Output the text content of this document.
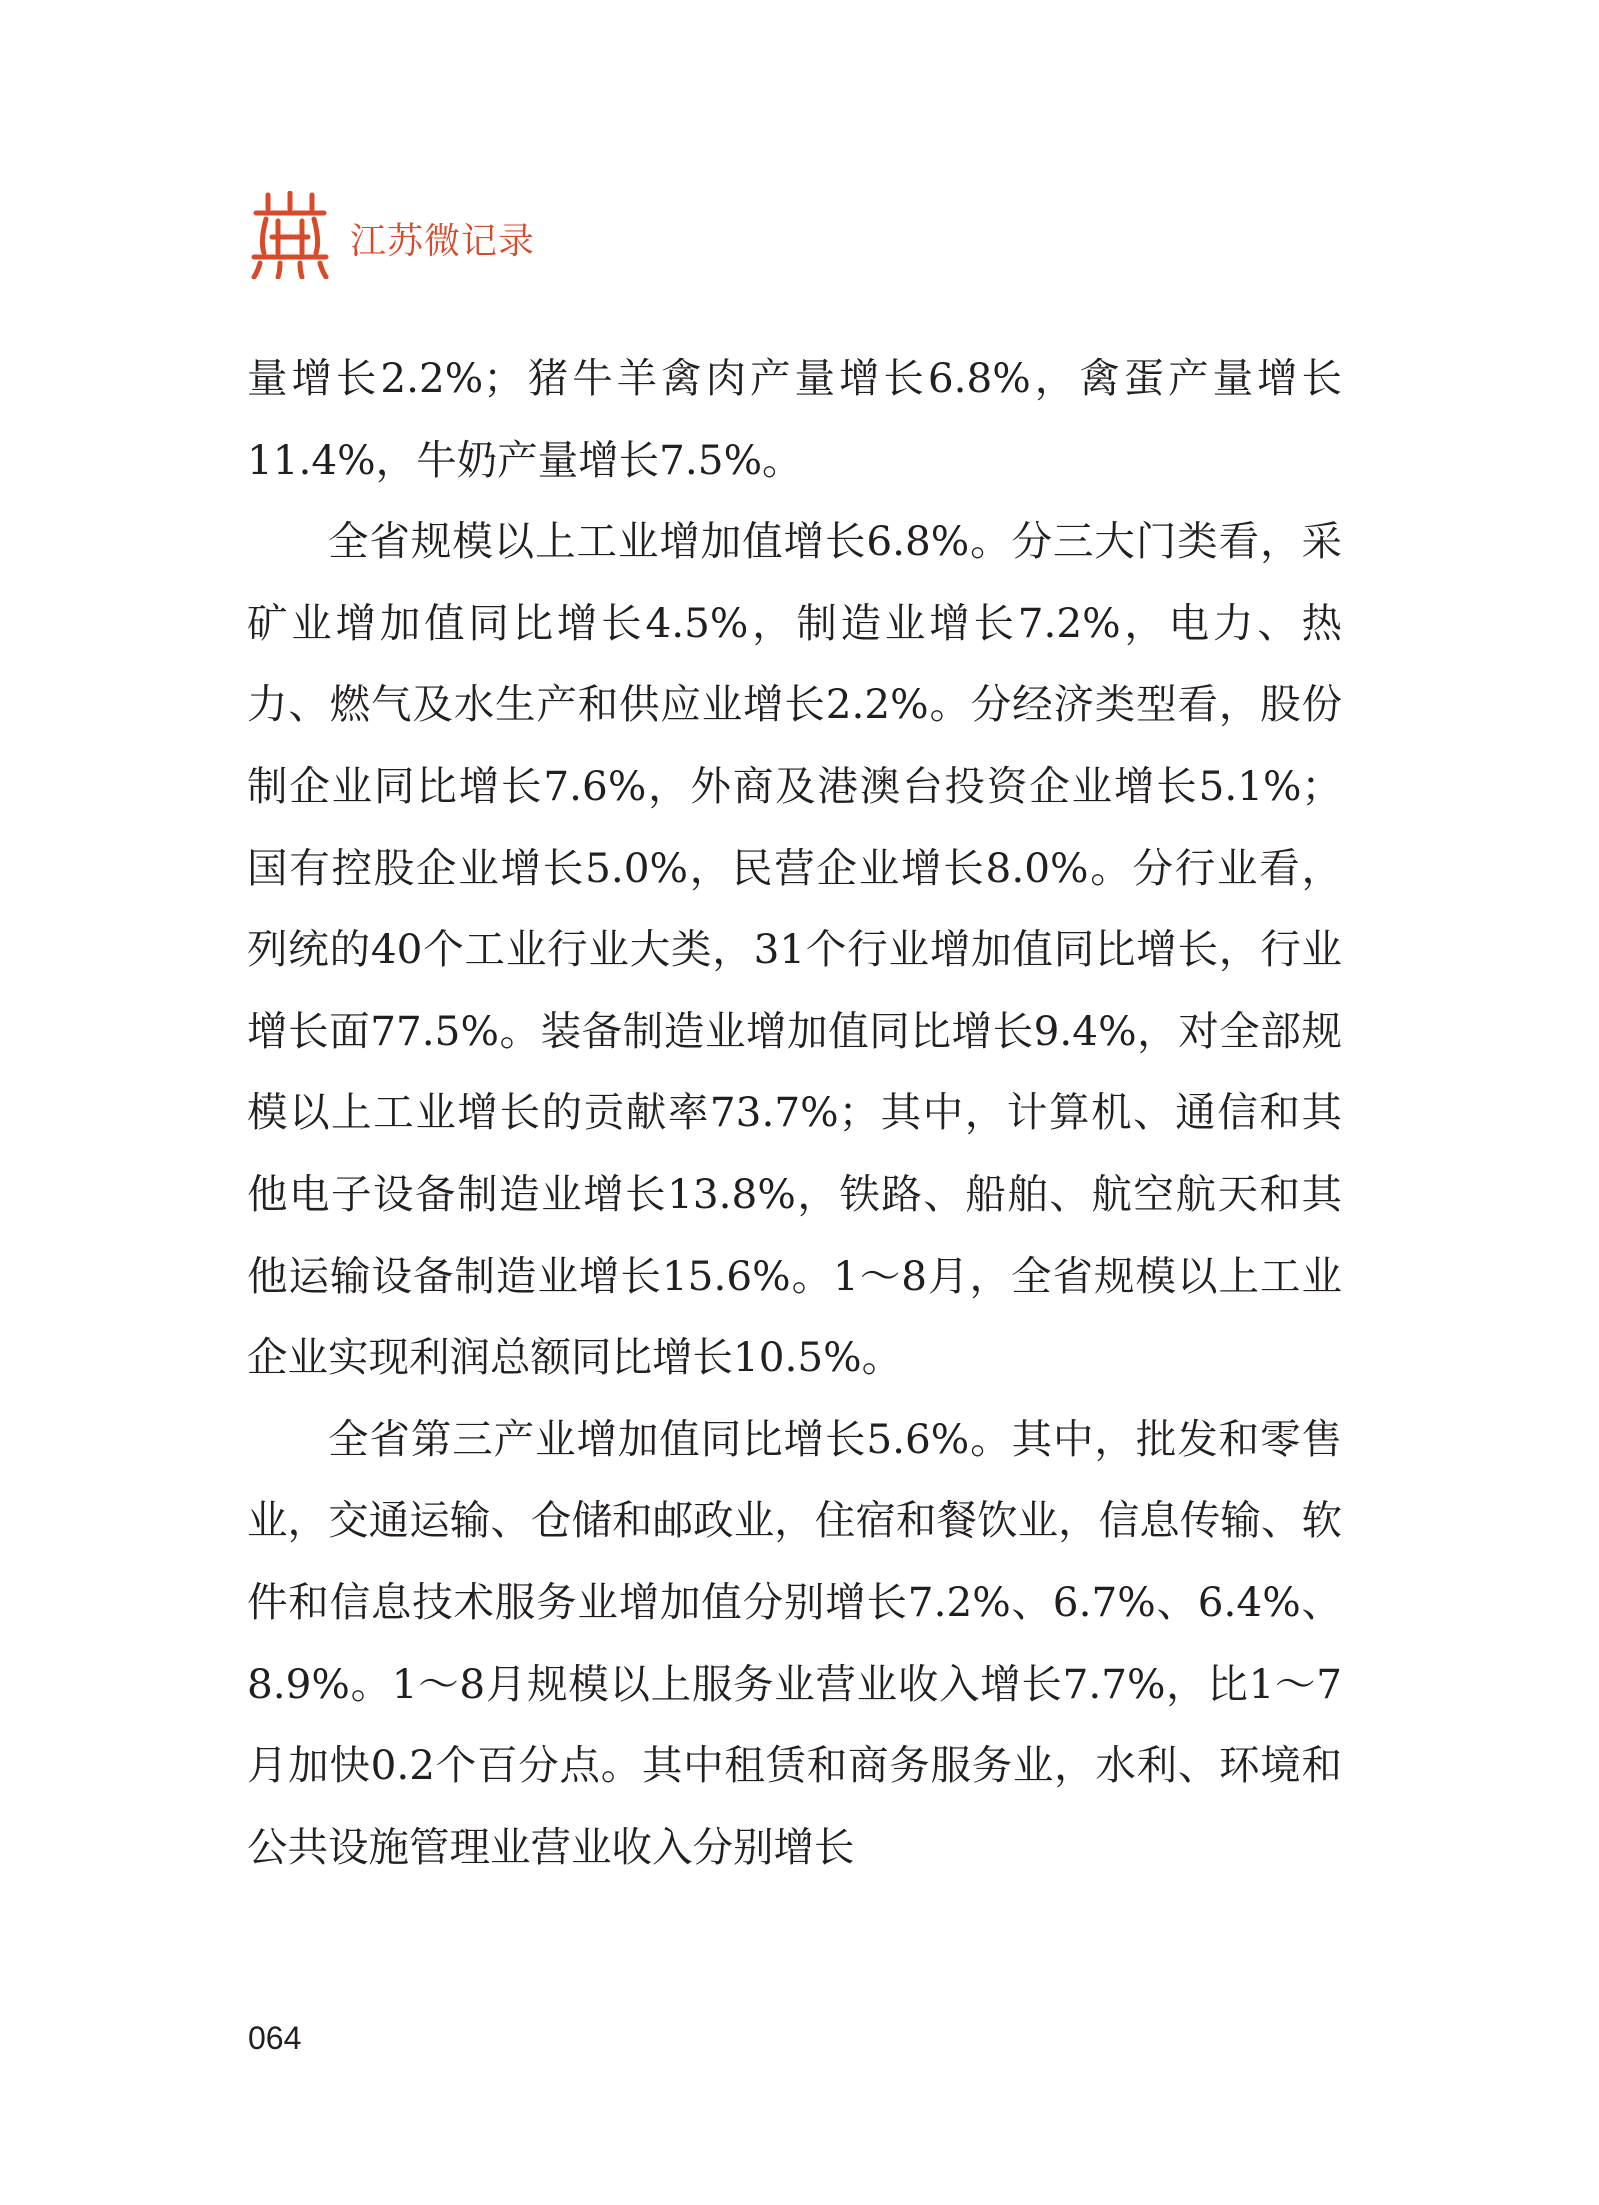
江苏微记录

量增长2.2%；猪牛羊禽肉产量增长6.8%，禽蛋产量增长11.4%，牛奶产量增长7.5%。

全省规模以上工业增加值增长6.8%。分三大门类看，采矿业增加值同比增长4.5%，制造业增长7.2%，电力、热力、燃气及水生产和供应业增长2.2%。分经济类型看，股份制企业同比增长7.6%，外商及港澳台投资企业增长5.1%；国有控股企业增长5.0%，民营企业增长8.0%。分行业看，列统的40个工业行业大类，31个行业增加值同比增长，行业增长面77.5%。装备制造业增加值同比增长9.4%，对全部规模以上工业增长的贡献率73.7%；其中，计算机、通信和其他电子设备制造业增长13.8%，铁路、船舶、航空航天和其他运输设备制造业增长15.6%。1～8月，全省规模以上工业企业实现利润总额同比增长10.5%。

全省第三产业增加值同比增长5.6%。其中，批发和零售业，交通运输、仓储和邮政业，住宿和餐饮业，信息传输、软件和信息技术服务业增加值分别增长7.2%、6.7%、6.4%、8.9%。1～8月规模以上服务业营业收入增长7.7%，比1～7月加快0.2个百分点。其中租赁和商务服务业，水利、环境和公共设施管理业营业收入分别增长

064
